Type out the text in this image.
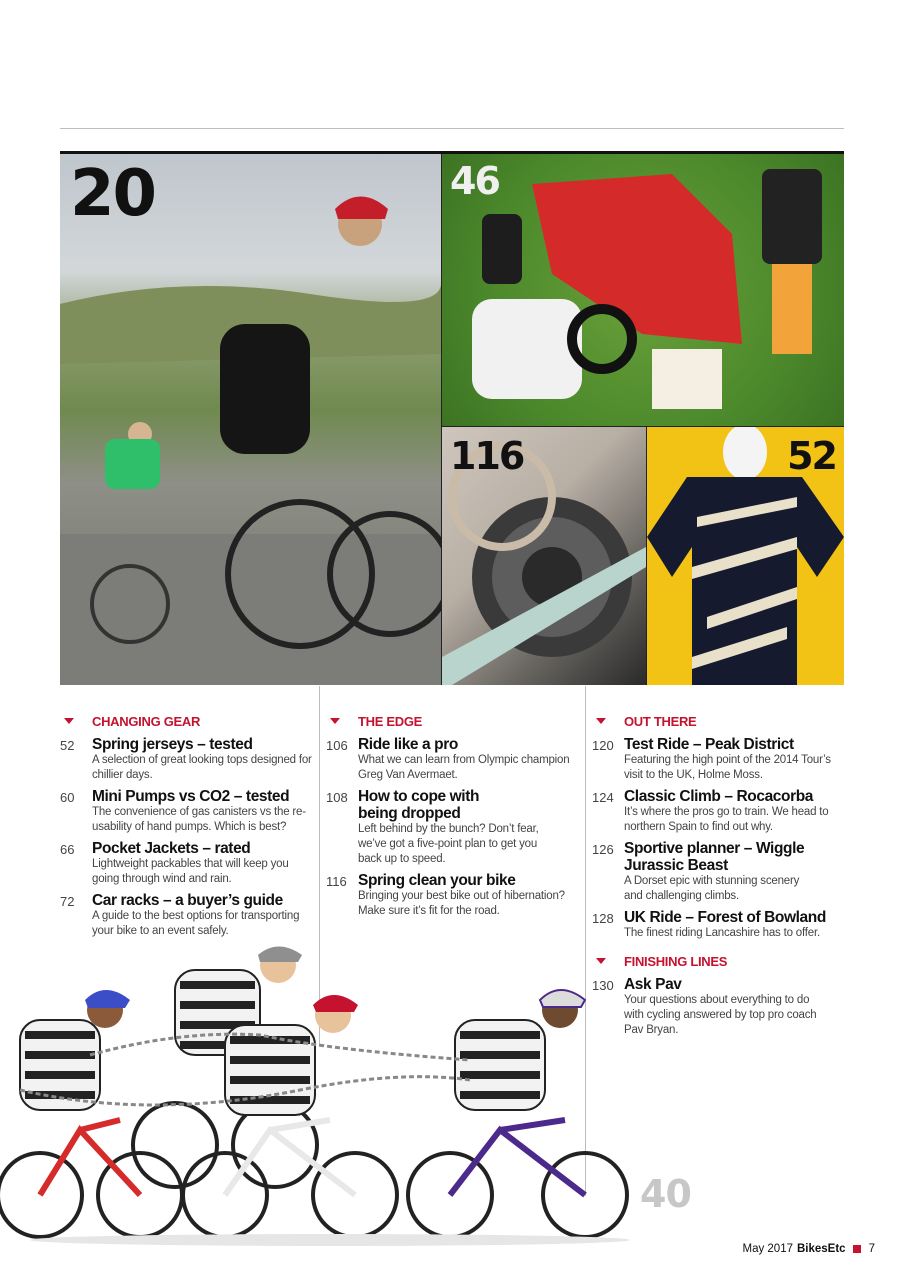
20	46
116	52
CHANGING GEAR
52	Spring jerseys – tested
A selection of great looking tops designed for chillier days.
60	Mini Pumps vs CO2 – tested
The convenience of gas canisters vs the re-usability of hand pumps. Which is best?
66	Pocket Jackets – rated
Lightweight packables that will keep you going through wind and rain.
72	Car racks – a buyer’s guide
A guide to the best options for transporting your bike to an event safely.
THE EDGE
106 Ride like a pro
What we can learn from Olympic champion Greg Van Avermaet.
108 How to cope with being dropped
Left behind by the bunch? Don’t fear, we’ve got a five-point plan to get you back up to speed.
116 Spring clean your bike
Bringing your best bike out of hibernation? Make sure it’s fit for the road.
OUT THERE
120 Test Ride – Peak District
Featuring the high point of the 2014 Tour’s visit to the UK, Holme Moss.
124 Classic Climb – Rocacorba
It’s where the pros go to train. We head to northern Spain to find out why.
126 Sportive planner – Wiggle Jurassic Beast
A Dorset epic with stunning scenery and challenging climbs.
128 UK Ride – Forest of Bowland
The finest riding Lancashire has to offer.
FINISHING LINES
130 Ask Pav
Your questions about everything to do with cycling answered by top pro coach Pav Bryan.
40
May 2017 BikesEtc 7
